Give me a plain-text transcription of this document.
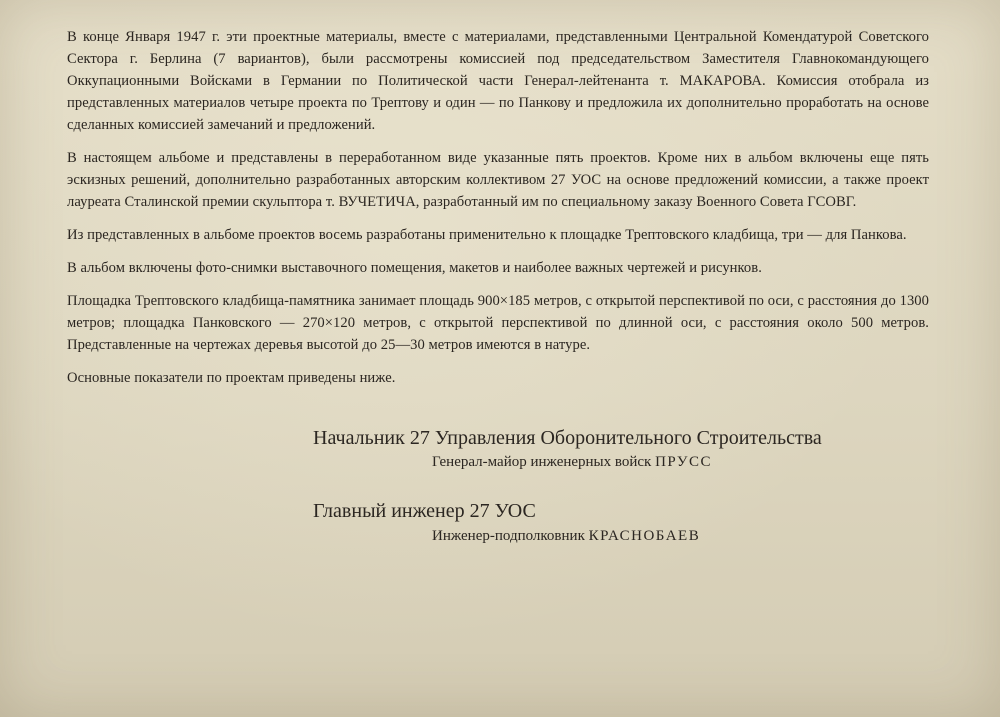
В конце Января 1947 г. эти проектные материалы, вместе с материалами, представленными Центральной Комендатурой Советского Сектора г. Берлина (7 вариантов), были рассмотрены комиссией под председательством Заместителя Главнокомандующего Оккупационными Войсками в Германии по Политической части Генерал-лейтенанта т. МАКАРОВА. Комиссия отобрала из представленных материалов четыре проекта по Трептову и один — по Панкову и предложила их дополнительно проработать на основе сделанных комиссией замечаний и предложений.

В настоящем альбоме и представлены в переработанном виде указанные пять проектов. Кроме них в альбом включены еще пять эскизных решений, дополнительно разработанных авторским коллективом 27 УОС на основе предложений комиссии, а также проект лауреата Сталинской премии скульптора т. ВУЧЕТИЧА, разработанный им по специальному заказу Военного Совета ГСОВГ.

Из представленных в альбоме проектов восемь разработаны применительно к площадке Трептовского кладбища, три — для Панкова.

В альбом включены фото-снимки выставочного помещения, макетов и наиболее важных чертежей и рисунков.

Площадка Трептовского кладбища-памятника занимает площадь 900×185 метров, с открытой перспективой по оси, с расстояния до 1300 метров; площадка Панковского — 270×120 метров, с открытой перспективой по длинной оси, с расстояния около 500 метров. Представленные на чертежах деревья высотой до 25—30 метров имеются в натуре.

Основные показатели по проектам приведены ниже.

Начальник 27 Управления Оборонительного Строительства
Генерал-майор инженерных войск ПРУСС
Главный инженер 27 УОС
Инженер-подполковник КРАСНОБАЕВ
